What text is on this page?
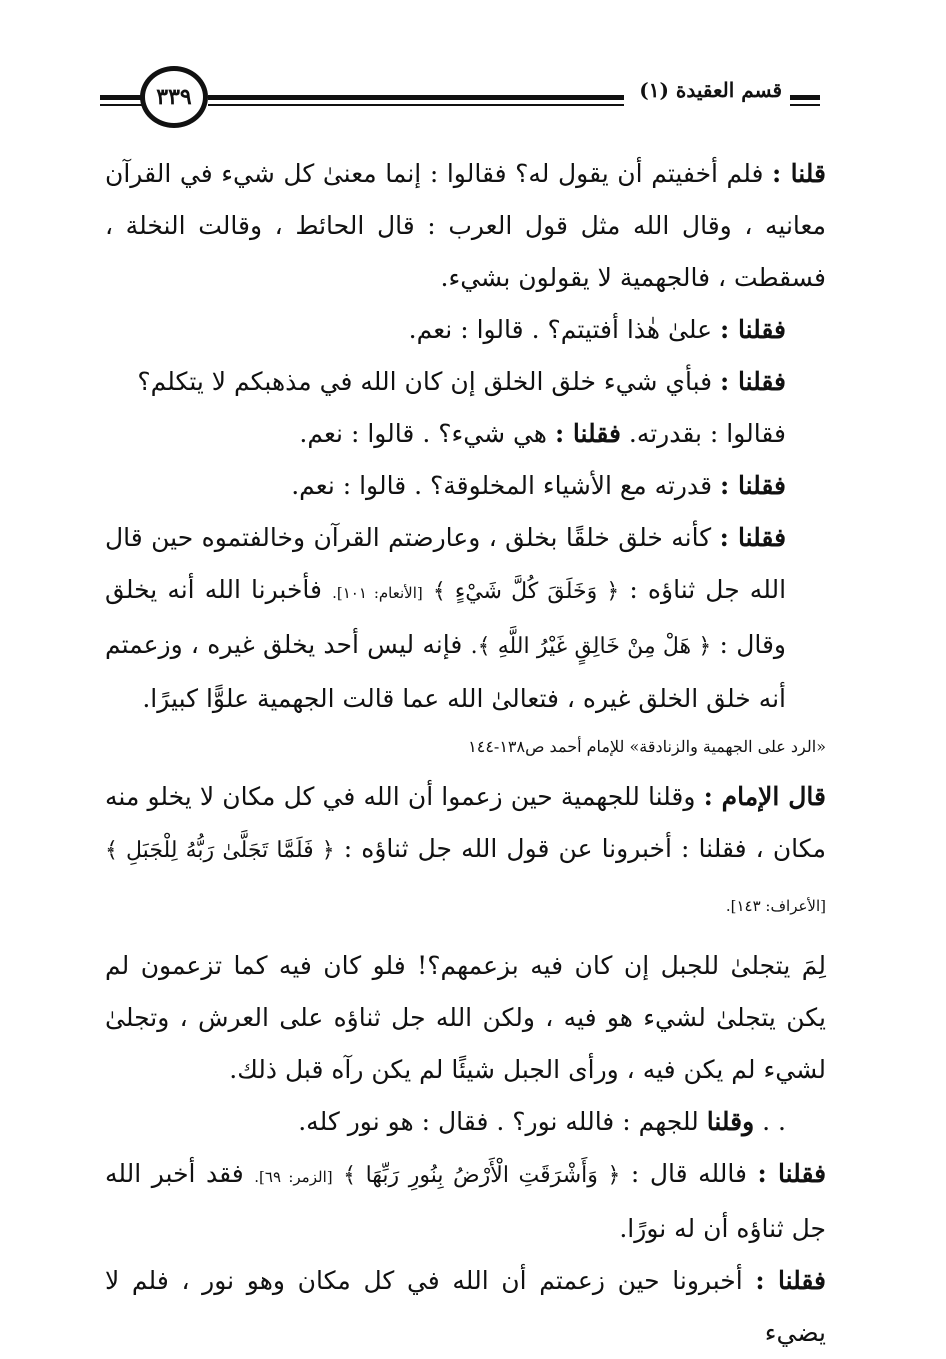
قسم العقيدة (١)
٣٣٩

قلنا : فلم أخفيتم أن يقول له؟ فقالوا : إنما معنىٰ كل شيء في القرآن معانيه ، وقال الله مثل قول العرب : قال الحائط ، وقالت النخلة ، فسقطت ، فالجهمية لا يقولون بشيء.

فقلنا : علىٰ هٰذا أفتيتم؟ . قالوا : نعم.

فقلنا : فبأي شيء خلق الخلق إن كان الله في مذهبكم لا يتكلم؟

فقالوا : بقدرته. فقلنا : هي شيء؟ . قالوا : نعم.

فقلنا : قدرته مع الأشياء المخلوقة؟ . قالوا : نعم.

فقلنا : كأنه خلق خلقًا بخلق ، وعارضتم القرآن وخالفتموه حين قال الله جل ثناؤه : ﴿ وَخَلَقَ كُلَّ شَيْءٍ ﴾ [الأنعام: ١٠١]. فأخبرنا الله أنه يخلق وقال : ﴿ هَلْ مِنْ خَالِقٍ غَيْرُ اللَّهِ ﴾. فإنه ليس أحد يخلق غيره ، وزعمتم أنه خلق الخلق غيره ، فتعالىٰ الله عما قالت الجهمية علوًّا كبيرًا.

«الرد على الجهمية والزنادقة» للإمام أحمد ص١٣٨-١٤٤

قال الإمام : وقلنا للجهمية حين زعموا أن الله في كل مكان لا يخلو منه مكان ، فقلنا : أخبرونا عن قول الله جل ثناؤه : ﴿ فَلَمَّا تَجَلَّىٰ رَبُّهُ لِلْجَبَلِ ﴾ [الأعراف: ١٤٣].

لِمَ يتجلىٰ للجبل إن كان فيه بزعمهم؟! فلو كان فيه كما تزعمون لم يكن يتجلىٰ لشيء هو فيه ، ولكن الله جل ثناؤه على العرش ، وتجلىٰ لشيء لم يكن فيه ، ورأى الجبل شيئًا لم يكن رآه قبل ذلك.

. . وقلنا للجهم : فالله نور؟ . فقال : هو نور كله.

فقلنا : فالله قال : ﴿ وَأَشْرَقَتِ الْأَرْضُ بِنُورِ رَبِّهَا ﴾ [الزمر: ٦٩]. فقد أخبر الله جل ثناؤه أن له نورًا.

فقلنا : أخبرونا حين زعمتم أن الله في كل مكان وهو نور ، فلم لا يضيء
